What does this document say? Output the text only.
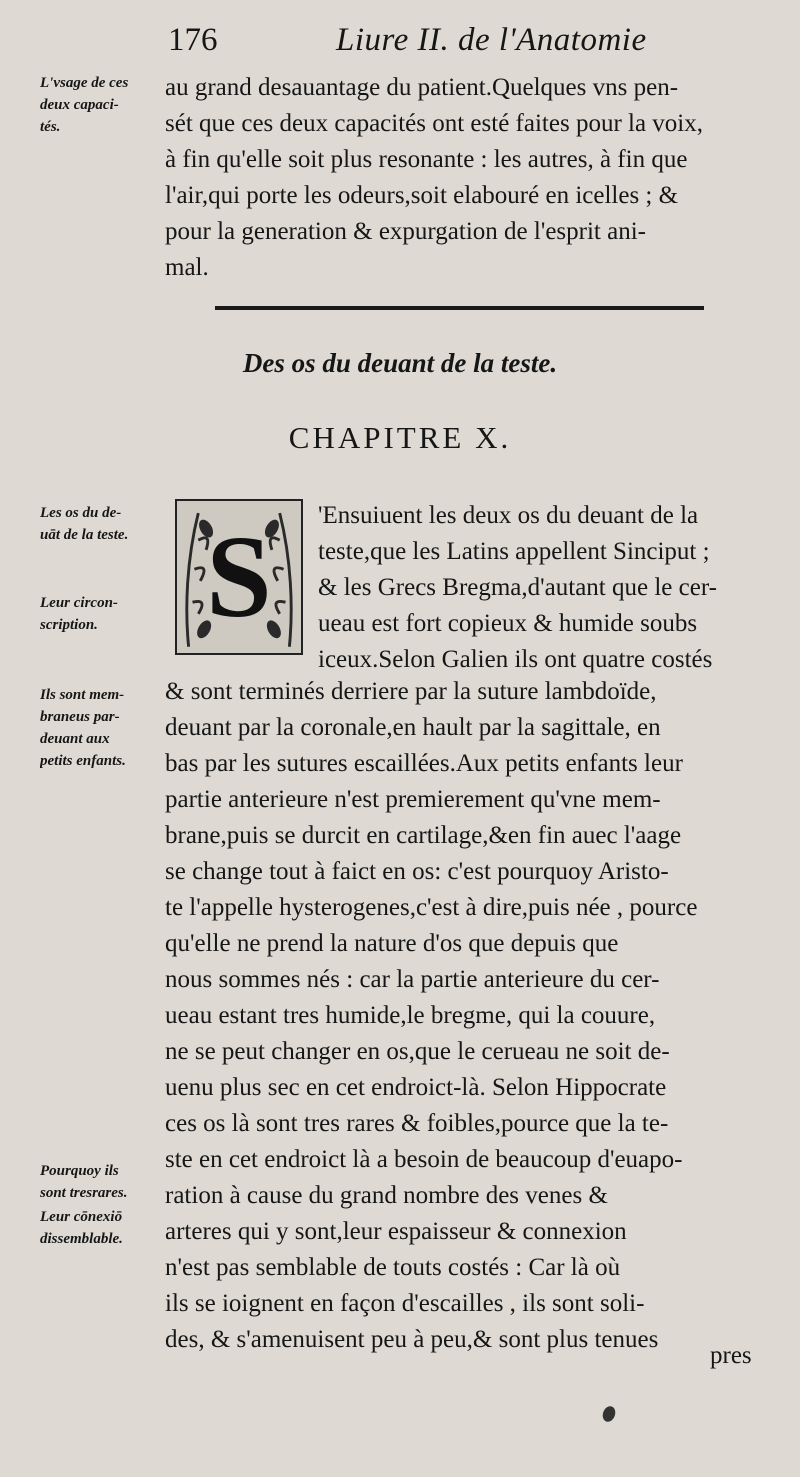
176	Liure II. de l'Anatomie
L'vsage de ces
deux capaci-
tés.
au grand desauantage du patient.Quelques vns pen-
sét que ces deux capacités ont esté faites pour la voix,
à fin qu'elle soit plus resonante : les autres, à fin que
l'air,qui porte les odeurs,soit elabouré en icelles ; &
pour la generation & expurgation de l'esprit ani-
mal.
Des os du deuant de la teste.
CHAPITRE X.
S 'Ensuiuent les deux os du deuant de la
teste,que les Latins appellent Sinciput ;
& les Grecs Bregma,d'autant que le cer-
ueau est fort copieux & humide soubs
iceux.Selon Galien ils ont quatre costés
Les os du de-
uāt de la teste.
Leur circon-
scription.
Ils sont mem-
braneus par-
deuant aux
petits enfants.
Pourquoy ils
sont tresrares.
Leur cōnexiō
dissemblable.
& sont terminés derriere par la suture lambdoïde,
deuant par la coronale,en hault par la sagittale, en
bas par les sutures escaillées.Aux petits enfants leur
partie anterieure n'est premierement qu'vne mem-
brane,puis se durcit en cartilage,&en fin auec l'aage
se change tout à faict en os: c'est pourquoy Aristo-
te l'appelle hysterogenes,c'est à dire,puis née , pource
qu'elle ne prend la nature d'os que depuis que
nous sommes nés : car la partie anterieure du cer-
ueau estant tres humide,le bregme, qui la couure,
ne se peut changer en os,que le cerueau ne soit de-
uenu plus sec en cet endroict-là. Selon Hippocrate
ces os là sont tres rares & foibles,pource que la te-
ste en cet endroict là a besoin de beaucoup d'euapo-
ration à cause du grand nombre des venes &
arteres qui y sont,leur espaisseur & connexion
n'est pas semblable de touts costés : Car là où
ils se ioignent en façon d'escailles , ils sont soli-
des, & s'amenuisent peu à peu,& sont plus tenues
pres
